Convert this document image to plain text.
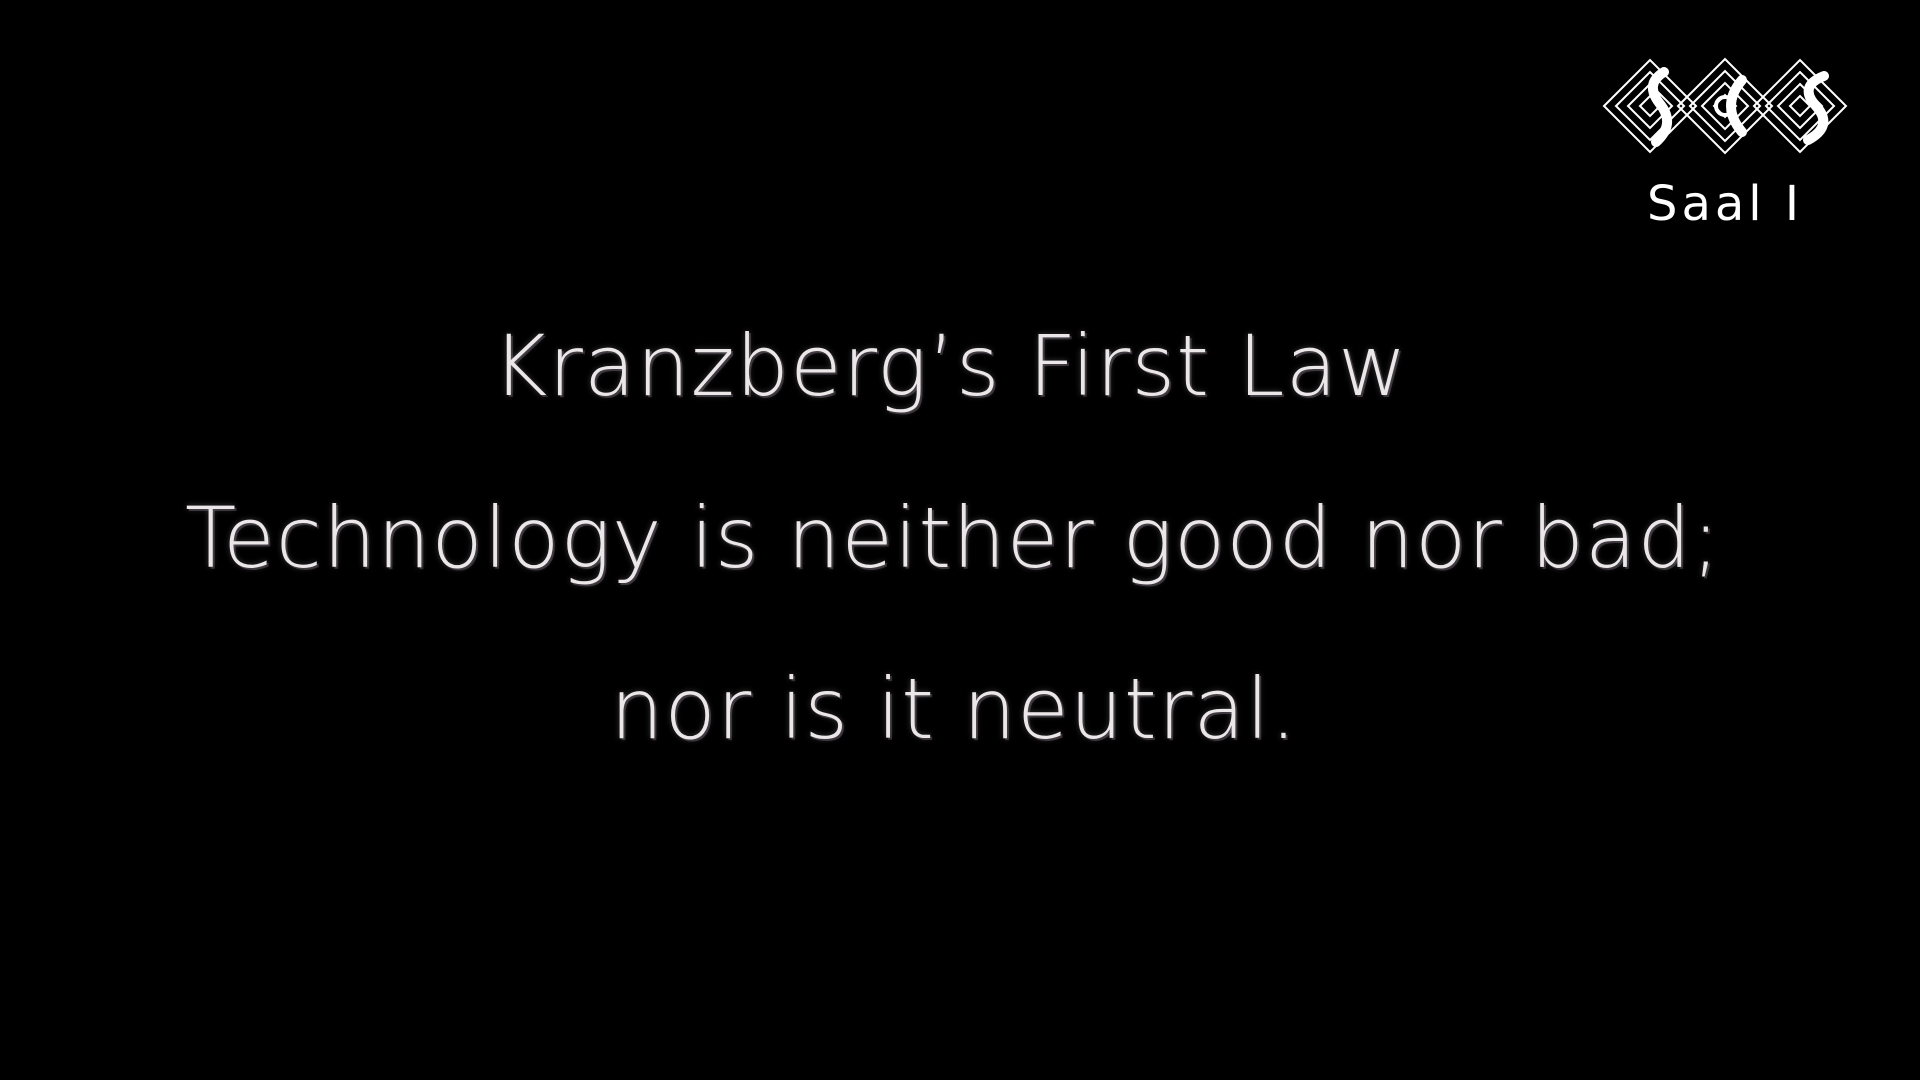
Kranzberg’s First Law
Technology is neither good nor bad;
nor is it neutral.
Saal I
